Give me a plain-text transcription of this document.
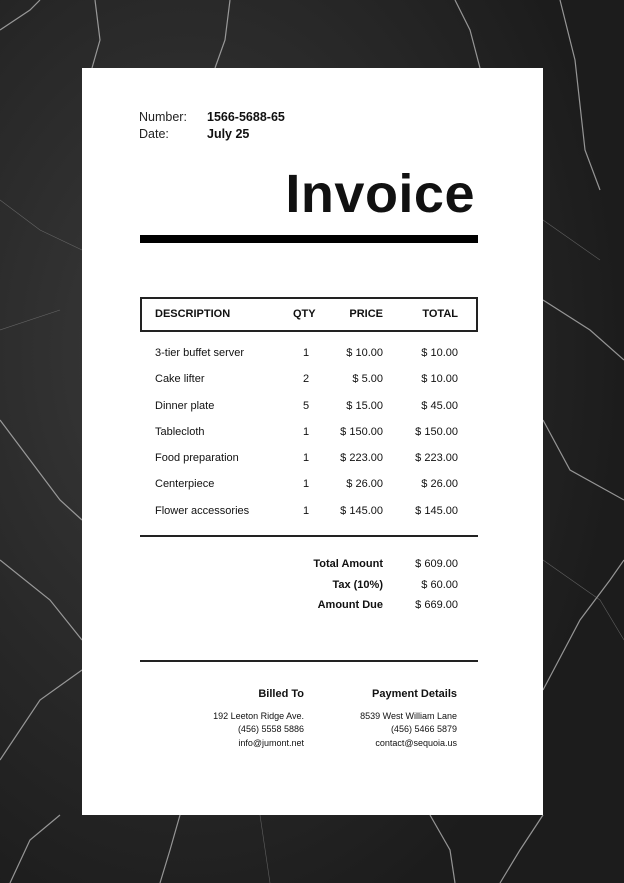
Number:	1566-5688-65
Date:	July 25
Invoice
DESCRIPTION	QTY	PRICE	TOTAL
3-tier buffet server	1	$ 10.00	$ 10.00
Cake lifter	2	$ 5.00	$ 10.00
Dinner plate	5	$ 15.00	$ 45.00
Tablecloth	1	$ 150.00	$ 150.00
Food preparation	1	$ 223.00	$ 223.00
Centerpiece	1	$ 26.00	$ 26.00
Flower accessories	1	$ 145.00	$ 145.00
Total Amount	$ 609.00
Tax (10%)	$ 60.00
Amount Due	$ 669.00
Billed To
192 Leeton Ridge Ave.
(456) 5558 5886
info@jumont.net
Payment Details
8539 West William Lane
(456) 5466 5879
contact@sequoia.us
